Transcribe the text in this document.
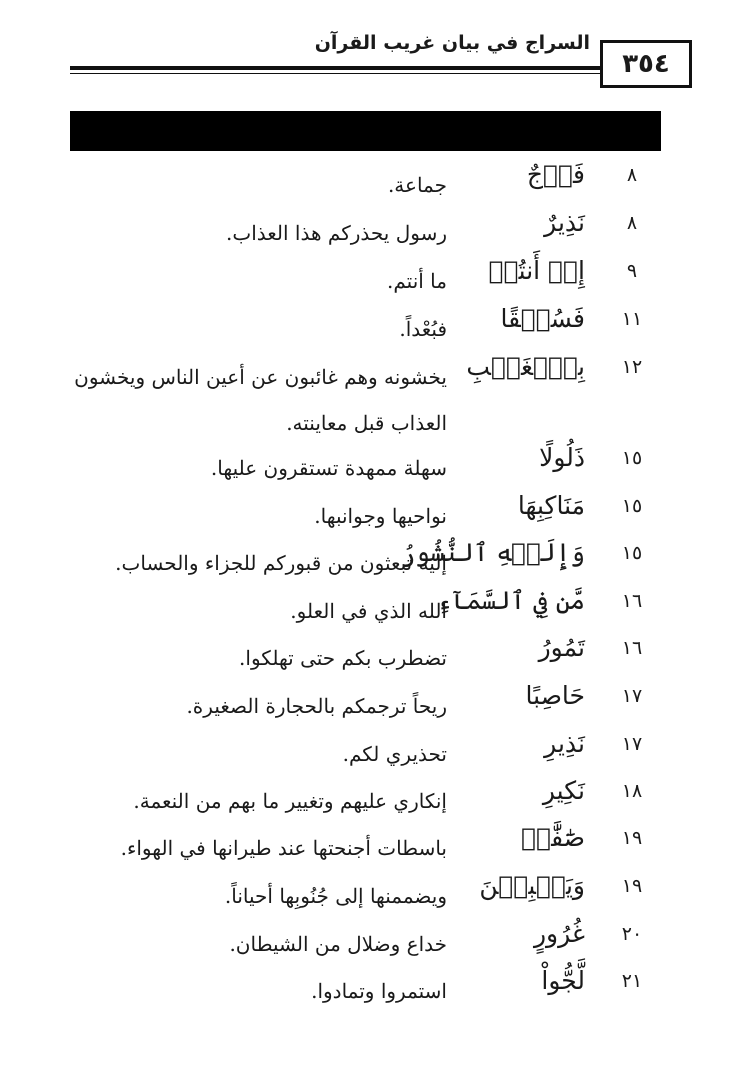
السراج في بيان غريب القرآن
٣٥٤
٨
فَوۡجٌ
جماعة.
٨
نَذِيرٌ
رسول يحذركم هذا العذاب.
٩
إِنۡ أَنتُمۡ
ما أنتم.
١١
فَسُحۡقًا
فبُعْداً.
١٢
بِٱلۡغَيۡبِ
يخشونه وهم غائبون عن أعين الناس ويخشون العذاب قبل معاينته.
١٥
ذَلُولًا
سهلة ممهدة تستقرون عليها.
١٥
مَنَاكِبِهَا
نواحيها وجوانبها.
١٥
وَإِلَيۡهِ ٱلنُّشُورُ
إليه تبعثون من قبوركم للجزاء والحساب.
١٦
مَّن فِي ٱلسَّمَآءِ
الله الذي في العلو.
١٦
تَمُورُ
تضطرب بكم حتى تهلكوا.
١٧
حَاصِبًا
ريحاً ترجمكم بالحجارة الصغيرة.
١٧
نَذِيرِ
تحذيري لكم.
١٨
نَكِيرِ
إنكاري عليهم وتغيير ما بهم من النعمة.
١٩
صَٰٓفَّٰتٖ
باسطات أجنحتها عند طيرانها في الهواء.
١٩
وَيَقۡبِضۡنَ
ويضممنها إلى جُنُوبِها أحياناً.
٢٠
غُرُورٍ
خداع وضلال من الشيطان.
٢١
لَّجُّواْ
استمروا وتمادوا.
